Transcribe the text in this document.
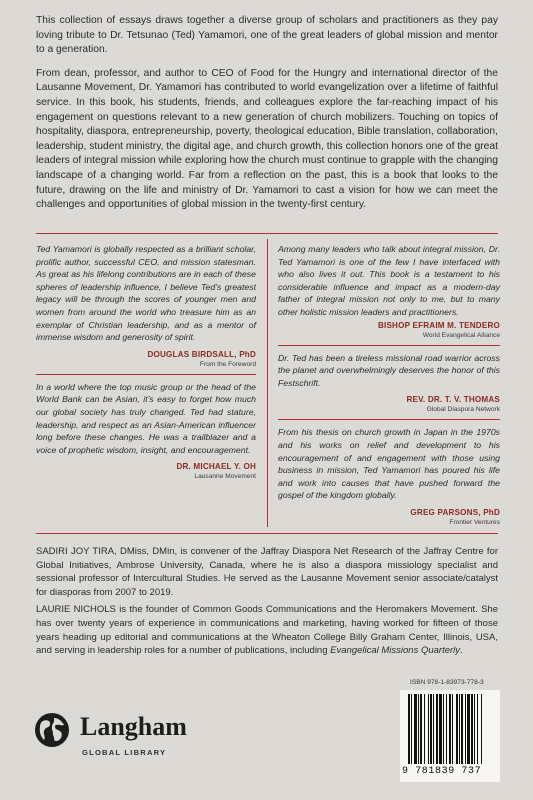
This collection of essays draws together a diverse group of scholars and practitioners as they pay loving tribute to Dr. Tetsunao (Ted) Yamamori, one of the great leaders of global mission and mentor to a generation.

From dean, professor, and author to CEO of Food for the Hungry and international director of the Lausanne Movement, Dr. Yamamori has contributed to world evangelization over a lifetime of faithful service. In this book, his students, friends, and colleagues explore the far-reaching impact of his engagement on questions relevant to a new generation of church mobilizers. Touching on topics of hospitality, diaspora, entrepreneurship, poverty, theological education, Bible translation, collaboration, leadership, student ministry, the digital age, and church growth, this collection honors one of the great leaders of integral mission while exploring how the church must continue to grapple with the changing landscape of a changing world. Far from a reflection on the past, this is a book that looks to the future, drawing on the life and ministry of Dr. Yamamori to cast a vision for how we can meet the challenges and opportunities of global mission in the twenty-first century.

Ted Yamamori is globally respected as a brilliant scholar, prolific author, successful CEO, and mission statesman. As great as his lifelong contributions are in each of these spheres of leadership influence, I believe Ted’s greatest legacy will be through the scores of younger men and women from around the world who treasure him as an exemplar of Christian leadership, and as a mentor of immense wisdom and generosity of spirit.

DOUGLAS BIRDSALL, PhD
From the Foreword

In a world where the top music group or the head of the World Bank can be Asian, it’s easy to forget how much our global society has truly changed. Ted had stature, leadership, and respect as an Asian-American influencer long before these changes. He was a trailblazer and a voice of prophetic wisdom, insight, and encouragement.

DR. MICHAEL Y. OH
Lausanne Movement

Among many leaders who talk about integral mission, Dr. Ted Yamamori is one of the few I have interfaced with who also lives it out. This book is a testament to his considerable influence and impact as a modern-day father of integral mission not only to me, but to many other holistic mission leaders and practitioners.

BISHOP EFRAIM M. TENDERO
World Evangelical Alliance

Dr. Ted has been a tireless missional road warrior across the planet and overwhelmingly deserves the honor of this Festschrift.

REV. DR. T. V. THOMAS
Global Diaspora Network

From his thesis on church growth in Japan in the 1970s and his works on relief and development to his encouragement of and engagement with those using business in mission, Ted Yamamori has poured his life and work into causes that have pushed forward the gospel of the kingdom globally.

GREG PARSONS, PhD
Frontier Ventures

SADIRI JOY TIRA, DMiss, DMin, is convener of the Jaffray Diaspora Net Research of the Jaffray Centre for Global Initiatives, Ambrose University, Canada, where he is also a diaspora missiology specialist and sessional professor of Intercultural Studies. He served as the Lausanne Movement senior associate/catalyst for diasporas from 2007 to 2019.

LAURIE NICHOLS is the founder of Common Goods Communications and the Heromakers Movement. She has over twenty years of experience in communications and marketing, having worked for fifteen of those years heading up editorial and communications at the Wheaton College Billy Graham Center, Illinois, USA, and serving in leadership roles for a number of publications, including Evangelical Missions Quarterly.

Langham
GLOBAL LIBRARY
ISBN 978-1-83973-778-3
9 781839 737
